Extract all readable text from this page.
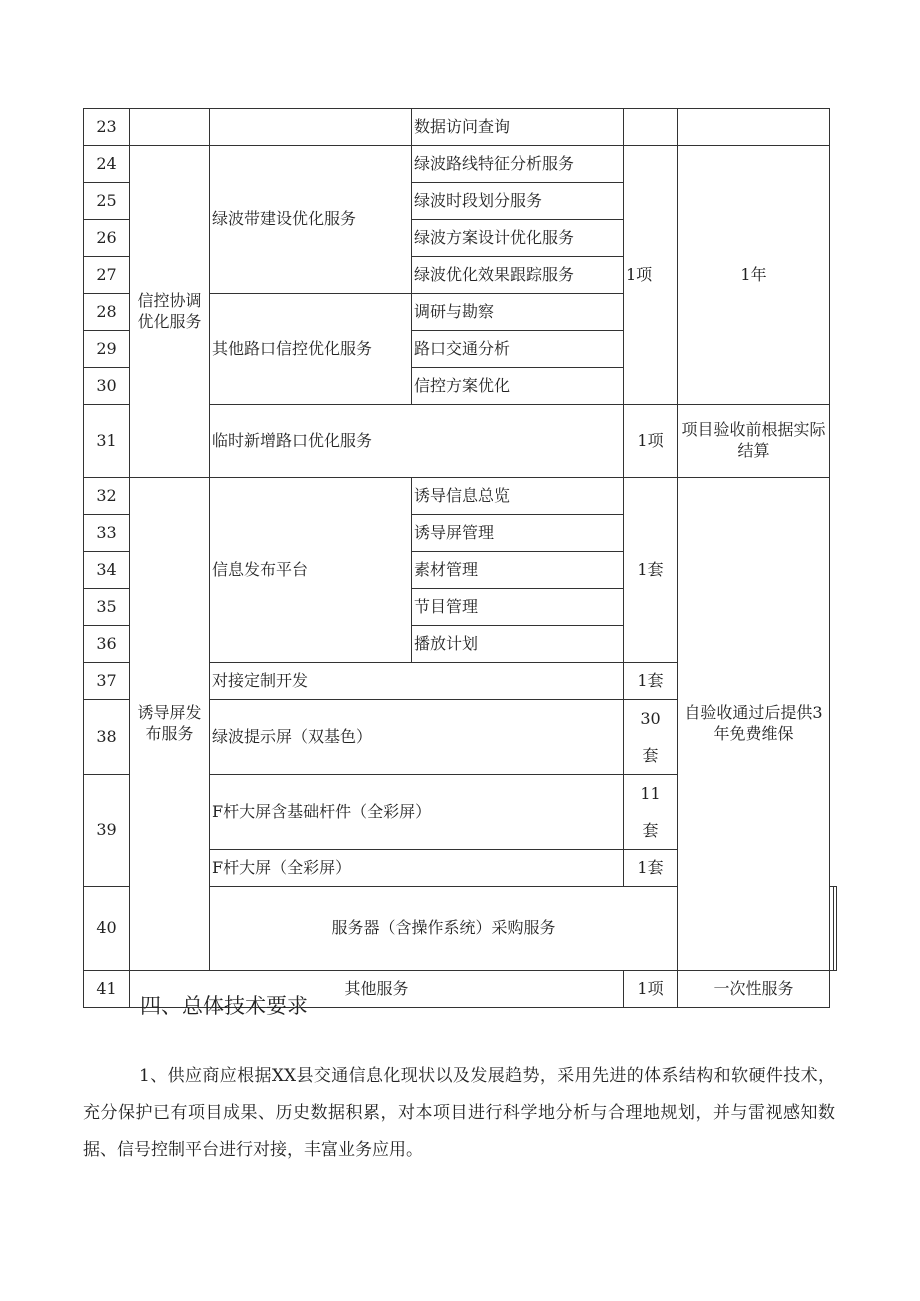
23			数据访问查询				
24	信控协调优化服务	绿波带建设优化服务	绿波路线特征分析服务	1项	1年		
25			绿波时段划分服务				
26			绿波方案设计优化服务				
27			绿波优化效果跟踪服务				
28		其他路口信控优化服务	调研与勘察				
29			路口交通分析				
30			信控方案优化				
31		临时新增路口优化服务		1项	项目验收前根据实际结算		
32	诱导屏发布服务	信息发布平台	诱导信息总览	1套	自验收通过后提供3年免费维保		
33			诱导屏管理				
34			素材管理				
35			节目管理				
36			播放计划				
37		对接定制开发		1套			
38		绿波提示屏（双基色）		30套			
39		F杆大屏含基础杆件（全彩屏）		11套			
		F杆大屏（全彩屏）		1套			
40		服务器（含操作系统）采购服务		
41	其他服务			1项	一次性服务		
四、总体技术要求
1、供应商应根据XX县交通信息化现状以及发展趋势，采用先进的体系结构和软硬件技术，充分保护已有项目成果、历史数据积累，对本项目进行科学地分析与合理地规划，并与雷视感知数据、信号控制平台进行对接，丰富业务应用。
